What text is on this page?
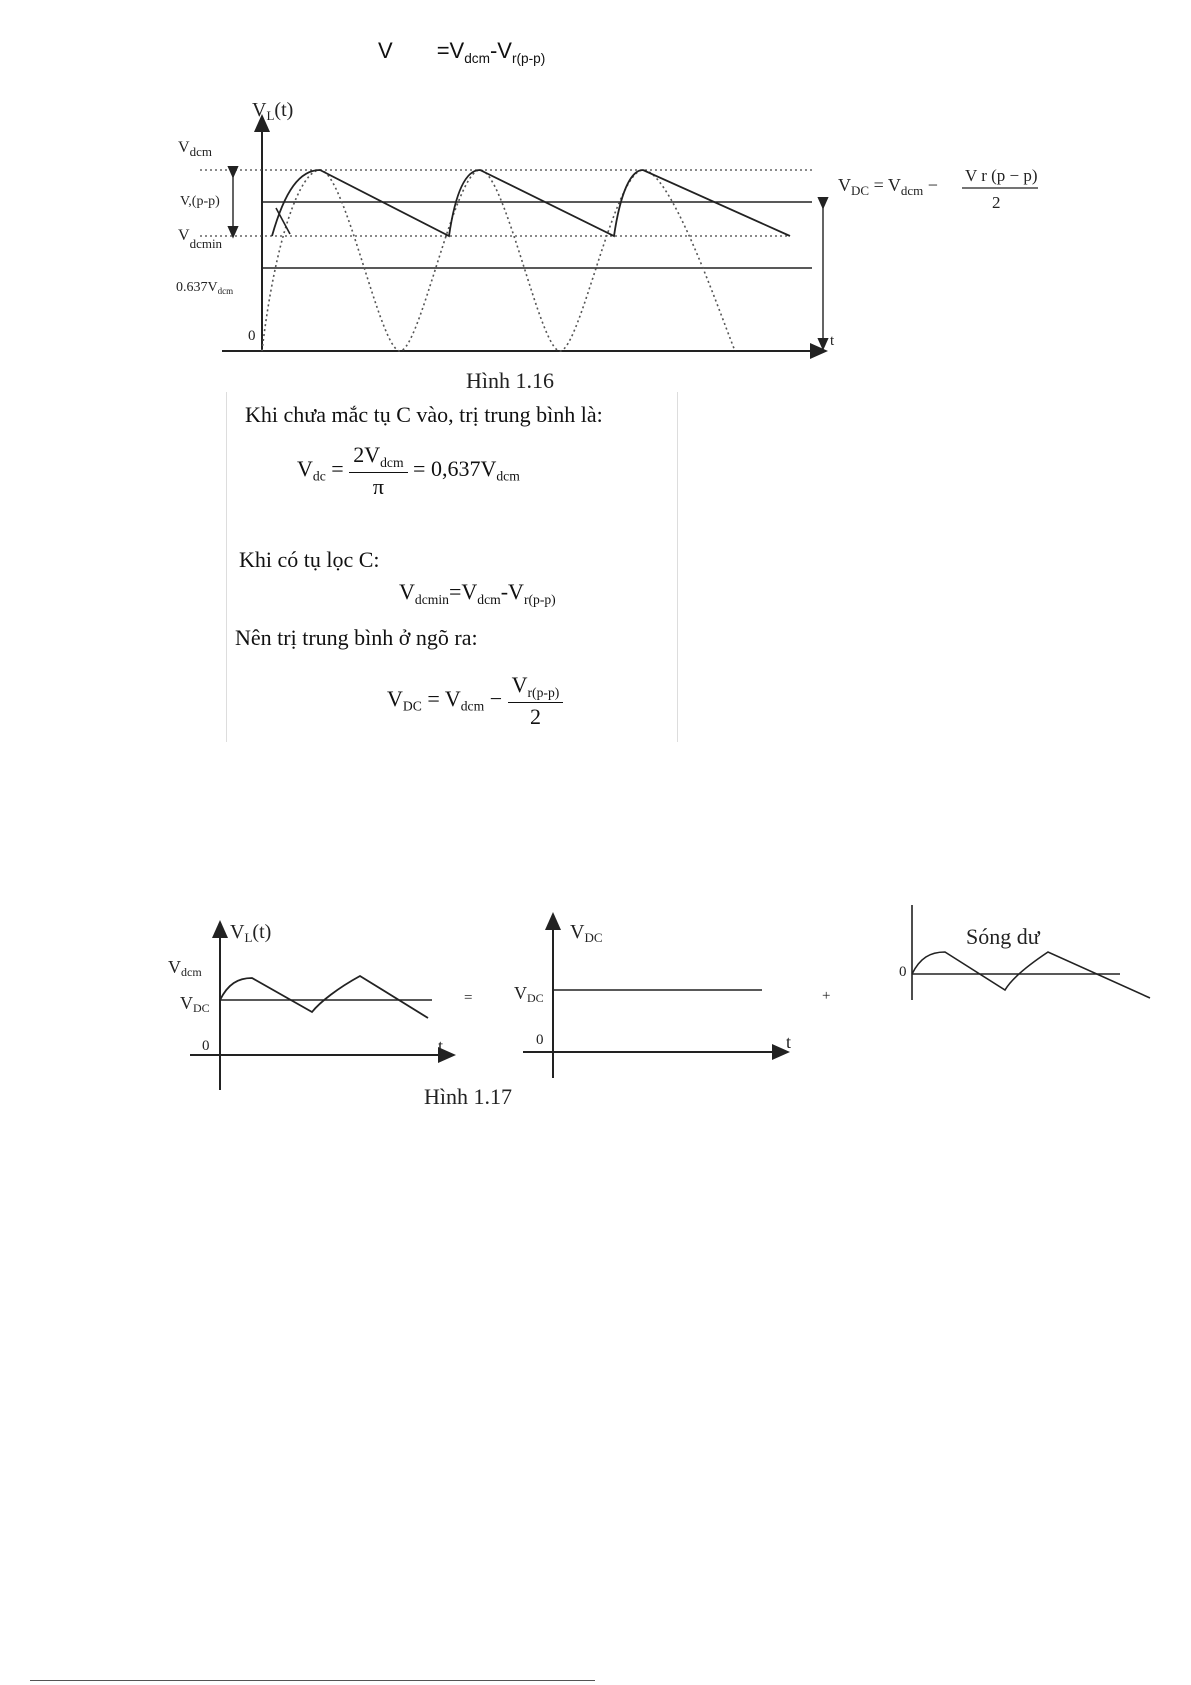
$V =V_{dcm}-V_{r(p-p)}$
$V_L(t)$
$V_{dcm}$
V,(p-p)
$V_{dcmin}$
$0.637V_{dcm}$
0	t
$V_{DC} = V_{dcm} - V$ r (p − p)
2
Hình 1.16
$V_L(t)$
Vdcm
VDC
0	t
=
$V_{DC}$
VDC
0	t
+
Sóng dư
0
Hình 1.17
Khi chưa mắc tụ C vào, trị trung bình là:
$V_{dc} = \frac{2V_{dcm}}{\pi} = 0,637V_{dcm}$
Khi có tụ lọc C:
$V_{dcmin}=V_{dcm}-V_{r(p-p)}$
Nên trị trung bình ở ngõ ra:
$V_{DC} = V_{dcm} - \frac{V_{r(p-p)}}{2}$
